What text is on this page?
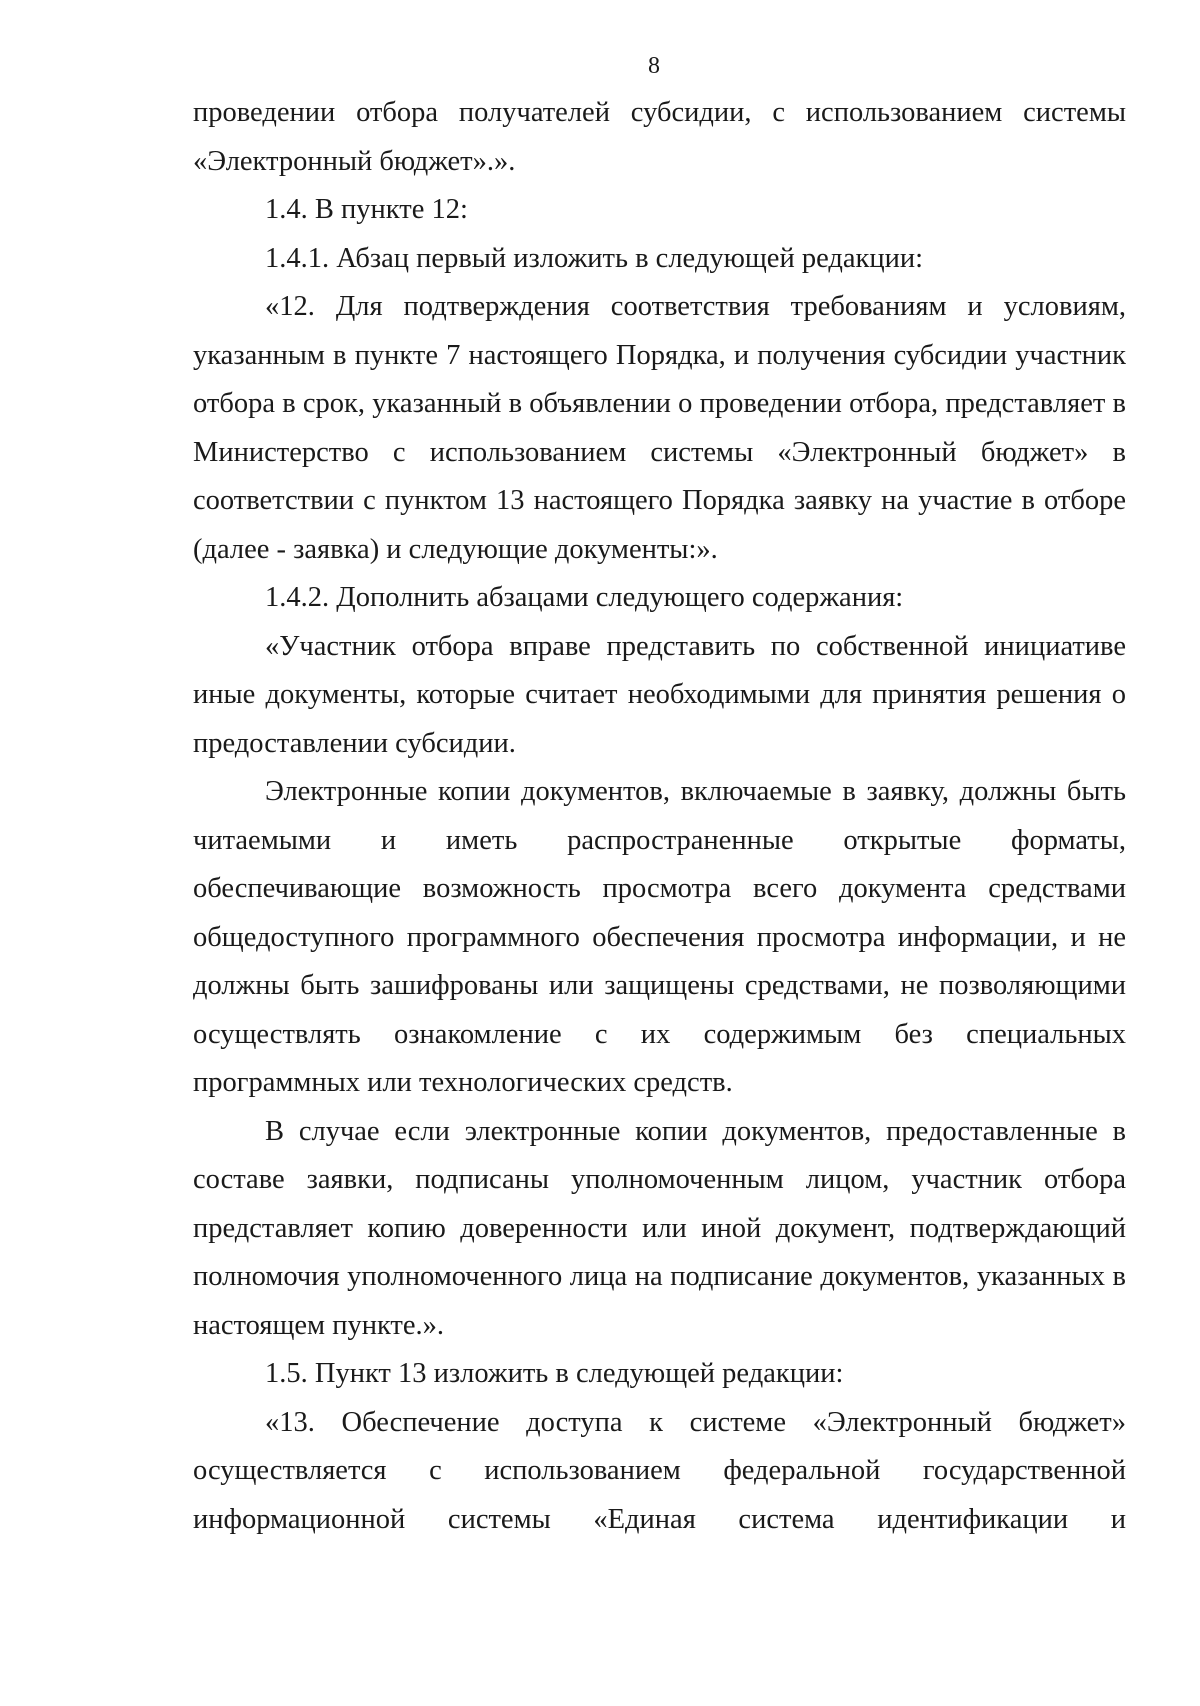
8

проведении отбора получателей субсидии, с использованием системы «Электронный бюджет».».

1.4. В пункте 12:

1.4.1. Абзац первый изложить в следующей редакции:

«12. Для подтверждения соответствия требованиям и условиям, указанным в пункте 7 настоящего Порядка, и получения субсидии участник отбора в срок, указанный в объявлении о проведении отбора, представляет в Министерство с использованием системы «Электронный бюджет» в соответствии с пунктом 13 настоящего Порядка заявку на участие в отборе (далее - заявка) и следующие документы:».

1.4.2. Дополнить абзацами следующего содержания:

«Участник отбора вправе представить по собственной инициативе иные документы, которые считает необходимыми для принятия решения о предоставлении субсидии.

Электронные копии документов, включаемые в заявку, должны быть читаемыми и иметь распространенные открытые форматы, обеспечивающие возможность просмотра всего документа средствами общедоступного программного обеспечения просмотра информации, и не должны быть зашифрованы или защищены средствами, не позволяющими осуществлять ознакомление с их содержимым без специальных программных или технологических средств.

В случае если электронные копии документов, предоставленные в составе заявки, подписаны уполномоченным лицом, участник отбора представляет копию доверенности или иной документ, подтверждающий полномочия уполномоченного лица на подписание документов, указанных в настоящем пункте.».

1.5. Пункт 13 изложить в следующей редакции:

«13. Обеспечение доступа к системе «Электронный бюджет» осуществляется с использованием федеральной государственной информационной системы «Единая система идентификации и
